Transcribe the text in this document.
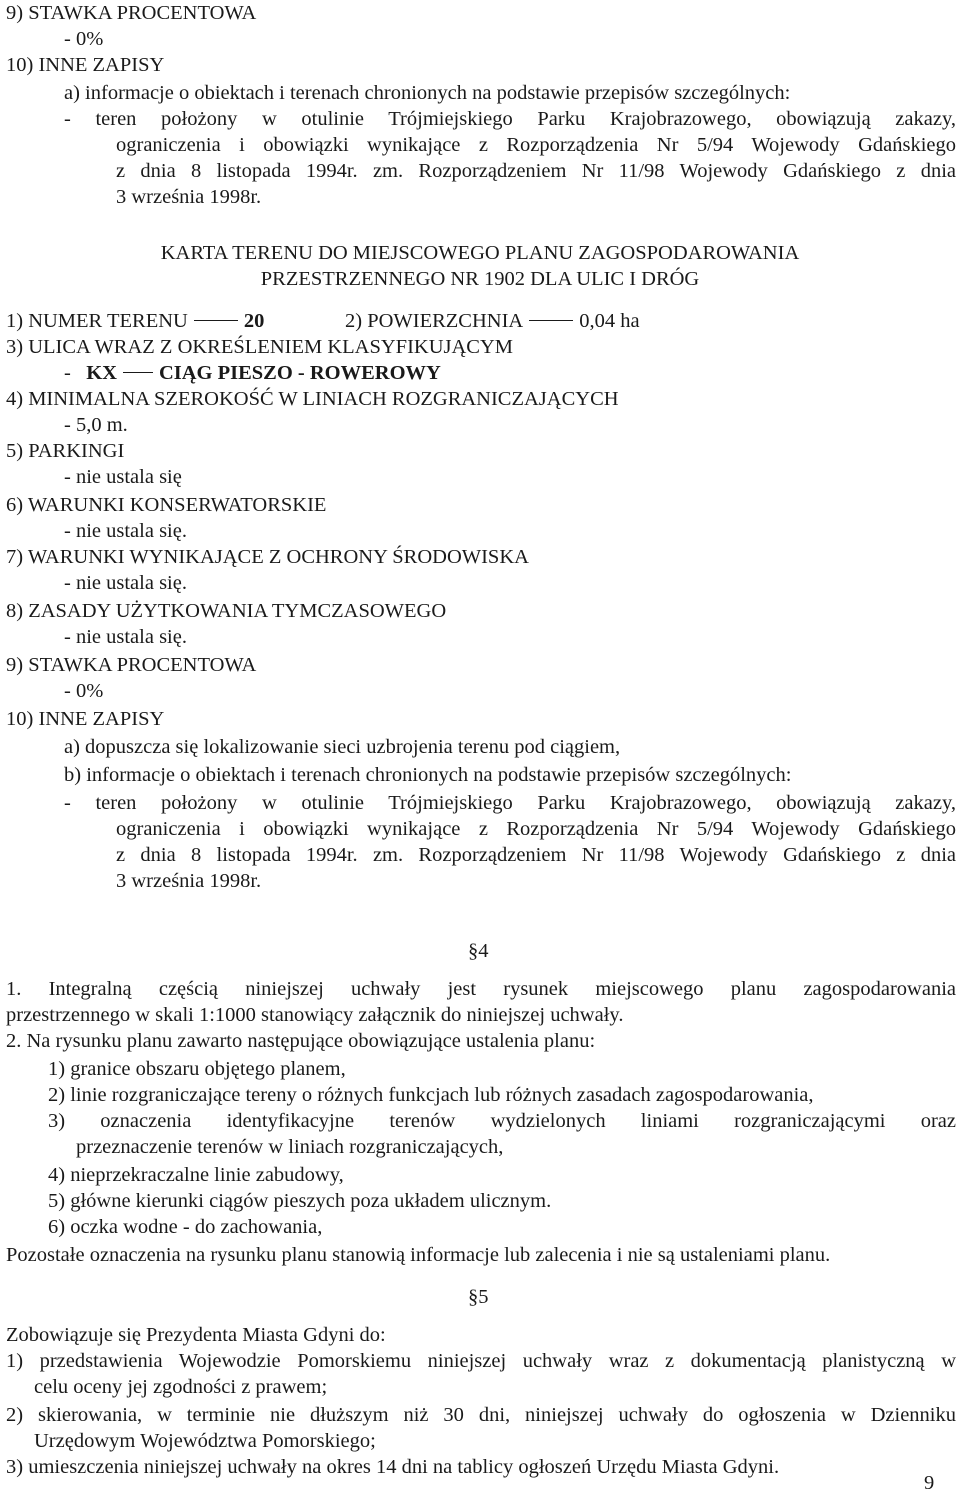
9) STAWKA PROCENTOWA
- 0%
10) INNE ZAPISY
a) informacje o obiektach i terenach chronionych na podstawie przepisów szczególnych:
- teren położony w otulinie Trójmiejskiego Parku Krajobrazowego, obowiązują zakazy,
ograniczenia i obowiązki wynikające z Rozporządzenia Nr 5/94 Wojewody Gdańskiego
z dnia 8 listopada 1994r. zm. Rozporządzeniem Nr 11/98 Wojewody Gdańskiego z dnia
3 września 1998r.
KARTA TERENU DO MIEJSCOWEGO PLANU ZAGOSPODAROWANIA
PRZESTRZENNEGO NR 1902 DLA ULIC I DRÓG
1) NUMER TERENU	20	2) POWIERZCHNIA	0,04 ha
3) ULICA WRAZ Z OKREŚLENIEM KLASYFIKUJĄCYM
- KX CIĄG PIESZO - ROWEROWY
4) MINIMALNA SZEROKOŚĆ W LINIACH ROZGRANICZAJĄCYCH
- 5,0 m.
5) PARKINGI
- nie ustala się
6) WARUNKI KONSERWATORSKIE
- nie ustala się.
7) WARUNKI WYNIKAJĄCE Z OCHRONY ŚRODOWISKA
- nie ustala się.
8) ZASADY UŻYTKOWANIA TYMCZASOWEGO
- nie ustala się.
9) STAWKA PROCENTOWA
- 0%
10) INNE ZAPISY
a) dopuszcza się lokalizowanie sieci uzbrojenia terenu pod ciągiem,
b) informacje o obiektach i terenach chronionych na podstawie przepisów szczególnych:
- teren położony w otulinie Trójmiejskiego Parku Krajobrazowego, obowiązują zakazy,
ograniczenia i obowiązki wynikające z Rozporządzenia Nr 5/94 Wojewody Gdańskiego
z dnia 8 listopada 1994r. zm. Rozporządzeniem Nr 11/98 Wojewody Gdańskiego z dnia
3 września 1998r.
§4
1. Integralną częścią niniejszej uchwały jest rysunek miejscowego planu zagospodarowania
przestrzennego w skali 1:1000 stanowiący załącznik do niniejszej uchwały.
2. Na rysunku planu zawarto następujące obowiązujące ustalenia planu:
1) granice obszaru objętego planem,
2) linie rozgraniczające tereny o różnych funkcjach lub różnych zasadach zagospodarowania,
3) oznaczenia identyfikacyjne terenów wydzielonych liniami rozgraniczającymi oraz
przeznaczenie terenów w liniach rozgraniczających,
4) nieprzekraczalne linie zabudowy,
5) główne kierunki ciągów pieszych poza układem ulicznym.
6) oczka wodne - do zachowania,
Pozostałe oznaczenia na rysunku planu stanowią informacje lub zalecenia i nie są ustaleniami planu.
§5
Zobowiązuje się Prezydenta Miasta Gdyni do:
1) przedstawienia Wojewodzie Pomorskiemu niniejszej uchwały wraz z dokumentacją planistyczną w
celu oceny jej zgodności z prawem;
2) skierowania, w terminie nie dłuższym niż 30 dni, niniejszej uchwały do ogłoszenia w Dzienniku
Urzędowym Województwa Pomorskiego;
3) umieszczenia niniejszej uchwały na okres 14 dni na tablicy ogłoszeń Urzędu Miasta Gdyni.
9
